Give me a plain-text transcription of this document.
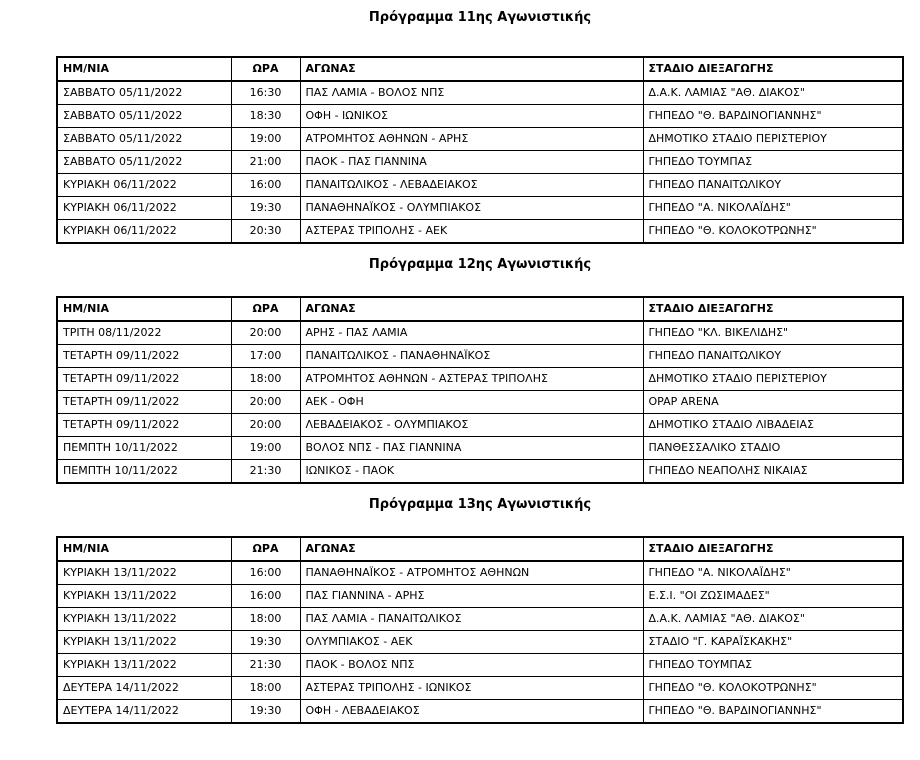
Πρόγραμμα 11ης Αγωνιστικής
ΗΜ/ΝΙΑ	ΩΡΑ	ΑΓΩΝΑΣ	ΣΤΑΔΙΟ ΔΙΕΞΑΓΩΓΗΣ
ΣΑΒΒΑΤΟ 05/11/2022	16:30	ΠΑΣ ΛΑΜΙΑ - ΒΟΛΟΣ ΝΠΣ	Δ.Α.Κ. ΛΑΜΙΑΣ "ΑΘ. ΔΙΑΚΟΣ"
ΣΑΒΒΑΤΟ 05/11/2022	18:30	ΟΦΗ - ΙΩΝΙΚΟΣ	ΓΗΠΕΔΟ "Θ. ΒΑΡΔΙΝΟΓΙΑΝΝΗΣ"
ΣΑΒΒΑΤΟ 05/11/2022	19:00	ΑΤΡΟΜΗΤΟΣ ΑΘΗΝΩΝ - ΑΡΗΣ	ΔΗΜΟΤΙΚΟ ΣΤΑΔΙΟ ΠΕΡΙΣΤΕΡΙΟΥ
ΣΑΒΒΑΤΟ 05/11/2022	21:00	ΠΑΟΚ - ΠΑΣ ΓΙΑΝΝΙΝΑ	ΓΗΠΕΔΟ ΤΟΥΜΠΑΣ
ΚΥΡΙΑΚΗ 06/11/2022	16:00	ΠΑΝΑΙΤΩΛΙΚΟΣ - ΛΕΒΑΔΕΙΑΚΟΣ	ΓΗΠΕΔΟ ΠΑΝΑΙΤΩΛΙΚΟΥ
ΚΥΡΙΑΚΗ 06/11/2022	19:30	ΠΑΝΑΘΗΝΑΪΚΟΣ - ΟΛΥΜΠΙΑΚΟΣ	ΓΗΠΕΔΟ "Α. ΝΙΚΟΛΑΪΔΗΣ"
ΚΥΡΙΑΚΗ 06/11/2022	20:30	ΑΣΤΕΡΑΣ ΤΡΙΠΟΛΗΣ - ΑΕΚ	ΓΗΠΕΔΟ "Θ. ΚΟΛΟΚΟΤΡΩΝΗΣ"
Πρόγραμμα 12ης Αγωνιστικής
ΗΜ/ΝΙΑ	ΩΡΑ	ΑΓΩΝΑΣ	ΣΤΑΔΙΟ ΔΙΕΞΑΓΩΓΗΣ
ΤΡΙΤΗ 08/11/2022	20:00	ΑΡΗΣ - ΠΑΣ ΛΑΜΙΑ	ΓΗΠΕΔΟ "ΚΛ. ΒΙΚΕΛΙΔΗΣ"
ΤΕΤΑΡΤΗ 09/11/2022	17:00	ΠΑΝΑΙΤΩΛΙΚΟΣ - ΠΑΝΑΘΗΝΑΪΚΟΣ	ΓΗΠΕΔΟ ΠΑΝΑΙΤΩΛΙΚΟΥ
ΤΕΤΑΡΤΗ 09/11/2022	18:00	ΑΤΡΟΜΗΤΟΣ ΑΘΗΝΩΝ - ΑΣΤΕΡΑΣ ΤΡΙΠΟΛΗΣ	ΔΗΜΟΤΙΚΟ ΣΤΑΔΙΟ ΠΕΡΙΣΤΕΡΙΟΥ
ΤΕΤΑΡΤΗ 09/11/2022	20:00	ΑΕΚ - ΟΦΗ	OPAP ARENA
ΤΕΤΑΡΤΗ 09/11/2022	20:00	ΛΕΒΑΔΕΙΑΚΟΣ - ΟΛΥΜΠΙΑΚΟΣ	ΔΗΜΟΤΙΚΟ ΣΤΑΔΙΟ ΛΙΒΑΔΕΙΑΣ
ΠΕΜΠΤΗ 10/11/2022	19:00	ΒΟΛΟΣ ΝΠΣ - ΠΑΣ ΓΙΑΝΝΙΝΑ	ΠΑΝΘΕΣΣΑΛΙΚΟ ΣΤΑΔΙΟ
ΠΕΜΠΤΗ 10/11/2022	21:30	ΙΩΝΙΚΟΣ - ΠΑΟΚ	ΓΗΠΕΔΟ ΝΕΑΠΟΛΗΣ ΝΙΚΑΙΑΣ
Πρόγραμμα 13ης Αγωνιστικής
ΗΜ/ΝΙΑ	ΩΡΑ	ΑΓΩΝΑΣ	ΣΤΑΔΙΟ ΔΙΕΞΑΓΩΓΗΣ
ΚΥΡΙΑΚΗ 13/11/2022	16:00	ΠΑΝΑΘΗΝΑΪΚΟΣ - ΑΤΡΟΜΗΤΟΣ ΑΘΗΝΩΝ	ΓΗΠΕΔΟ "Α. ΝΙΚΟΛΑΪΔΗΣ"
ΚΥΡΙΑΚΗ 13/11/2022	16:00	ΠΑΣ ΓΙΑΝΝΙΝΑ - ΑΡΗΣ	Ε.Σ.Ι. "ΟΙ ΖΩΣΙΜΑΔΕΣ"
ΚΥΡΙΑΚΗ 13/11/2022	18:00	ΠΑΣ ΛΑΜΙΑ - ΠΑΝΑΙΤΩΛΙΚΟΣ	Δ.Α.Κ. ΛΑΜΙΑΣ "ΑΘ. ΔΙΑΚΟΣ"
ΚΥΡΙΑΚΗ 13/11/2022	19:30	ΟΛΥΜΠΙΑΚΟΣ - ΑΕΚ	ΣΤΑΔΙΟ "Γ. ΚΑΡΑΪΣΚΑΚΗΣ"
ΚΥΡΙΑΚΗ 13/11/2022	21:30	ΠΑΟΚ - ΒΟΛΟΣ ΝΠΣ	ΓΗΠΕΔΟ ΤΟΥΜΠΑΣ
ΔΕΥΤΕΡΑ 14/11/2022	18:00	ΑΣΤΕΡΑΣ ΤΡΙΠΟΛΗΣ - ΙΩΝΙΚΟΣ	ΓΗΠΕΔΟ "Θ. ΚΟΛΟΚΟΤΡΩΝΗΣ"
ΔΕΥΤΕΡΑ 14/11/2022	19:30	ΟΦΗ - ΛΕΒΑΔΕΙΑΚΟΣ	ΓΗΠΕΔΟ "Θ. ΒΑΡΔΙΝΟΓΙΑΝΝΗΣ"
